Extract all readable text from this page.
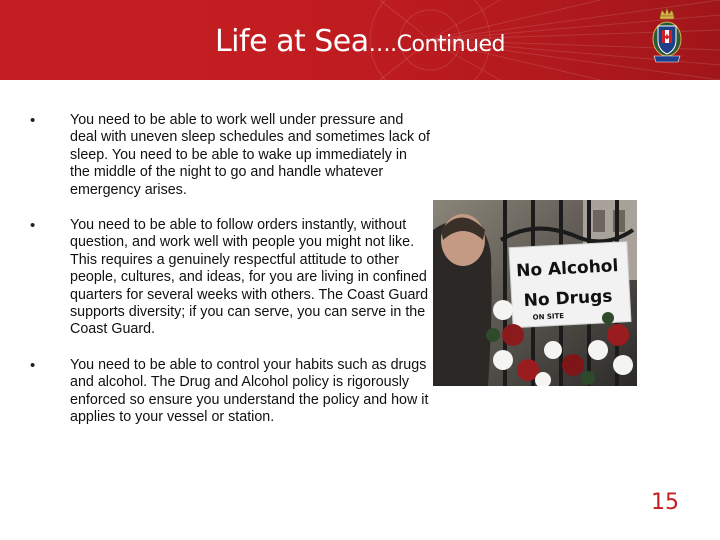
Life at Sea….Continued
• You need to be able to work well under pressure and deal with uneven sleep schedules and sometimes lack of sleep. You need to be able to wake up immediately in the middle of the night to go and handle whatever emergency arises.
• You need to be able to follow orders instantly, without question, and work well with people you might not like. This requires a genuinely respectful attitude to other people, cultures, and ideas, for you are living in confined quarters for several weeks with others. The Coast Guard supports diversity; if you can serve, you can serve in the Coast Guard.
• You need to be able to control your habits such as drugs and alcohol. The Drug and Alcohol policy is rigorously enforced so ensure you understand the policy and how it applies to your vessel or station.
No Alcohol
No Drugs
ON SITE
15
